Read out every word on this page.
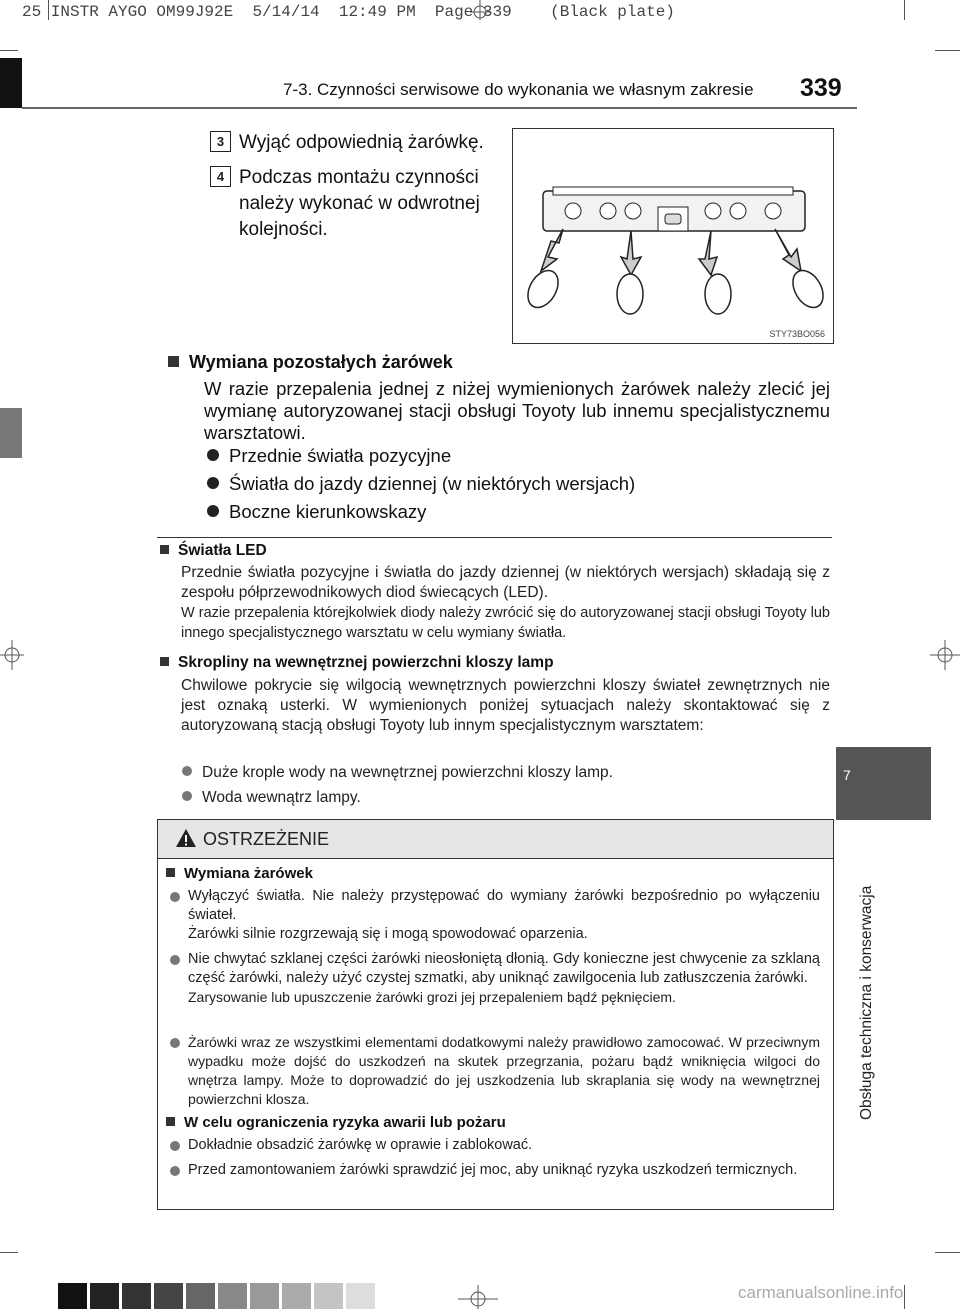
25 INSTR AYGO OM99J92E  5/14/14  12:49 PM  Page 339    (Black plate)
7-3. Czynności serwisowe do wykonania we własnym zakresie 339
7
Obsługa techniczna i konserwacja
3 Wyjąć odpowiednią żarówkę.
4 Podczas montażu czynności
należy wykonać w odwrotnej
kolejności.
STY73BO056
Wymiana pozostałych żarówek
W razie przepalenia jednej z niżej wymienionych żarówek należy zlecić jej wymianę autoryzowanej stacji obsługi Toyoty lub innemu specjalistycznemu warsztatowi.
Przednie światła pozycyjne
Światła do jazdy dziennej (w niektórych wersjach)
Boczne kierunkowskazy
Światła LED
Przednie światła pozycyjne i światła do jazdy dziennej (w niektórych wersjach) składają się z zespołu półprzewodnikowych diod świecących (LED).
W razie przepalenia którejkolwiek diody należy zwrócić się do autoryzowanej stacji obsługi Toyoty lub innego specjalistycznego warsztatu w celu wymiany światła.
Skropliny na wewnętrznej powierzchni kloszy lamp
Chwilowe pokrycie się wilgocią wewnętrznych powierzchni kloszy świateł zewnętrznych nie jest oznaką usterki. W wymienionych poniżej sytuacjach należy skontaktować się z autoryzowaną stacją obsługi Toyoty lub innym specjalistycznym warsztatem:
Duże krople wody na wewnętrznej powierzchni kloszy lamp.
Woda wewnątrz lampy.
OSTRZEŻENIE
Wymiana żarówek
Wyłączyć światła. Nie należy przystępować do wymiany żarówki bezpośrednio po wyłączeniu świateł.
Żarówki silnie rozgrzewają się i mogą spowodować oparzenia.
Nie chwytać szklanej części żarówki nieosłoniętą dłonią. Gdy konieczne jest chwycenie za szklaną część żarówki, należy użyć czystej szmatki, aby uniknąć zawilgocenia lub zatłuszczenia żarówki.
Zarysowanie lub upuszczenie żarówki grozi jej przepaleniem bądź pęknięciem.
Żarówki wraz ze wszystkimi elementami dodatkowymi należy prawidłowo zamocować. W przeciwnym wypadku może dojść do uszkodzeń na skutek przegrzania, pożaru bądź wniknięcia wilgoci do wnętrza lampy. Może to doprowadzić do jej uszkodzenia lub skraplania się wody na wewnętrznej powierzchni klosza.
W celu ograniczenia ryzyka awarii lub pożaru
Dokładnie obsadzić żarówkę w oprawie i zablokować.
Przed zamontowaniem żarówki sprawdzić jej moc, aby uniknąć ryzyka uszkodzeń termicznych.
carmanualsonline.info
